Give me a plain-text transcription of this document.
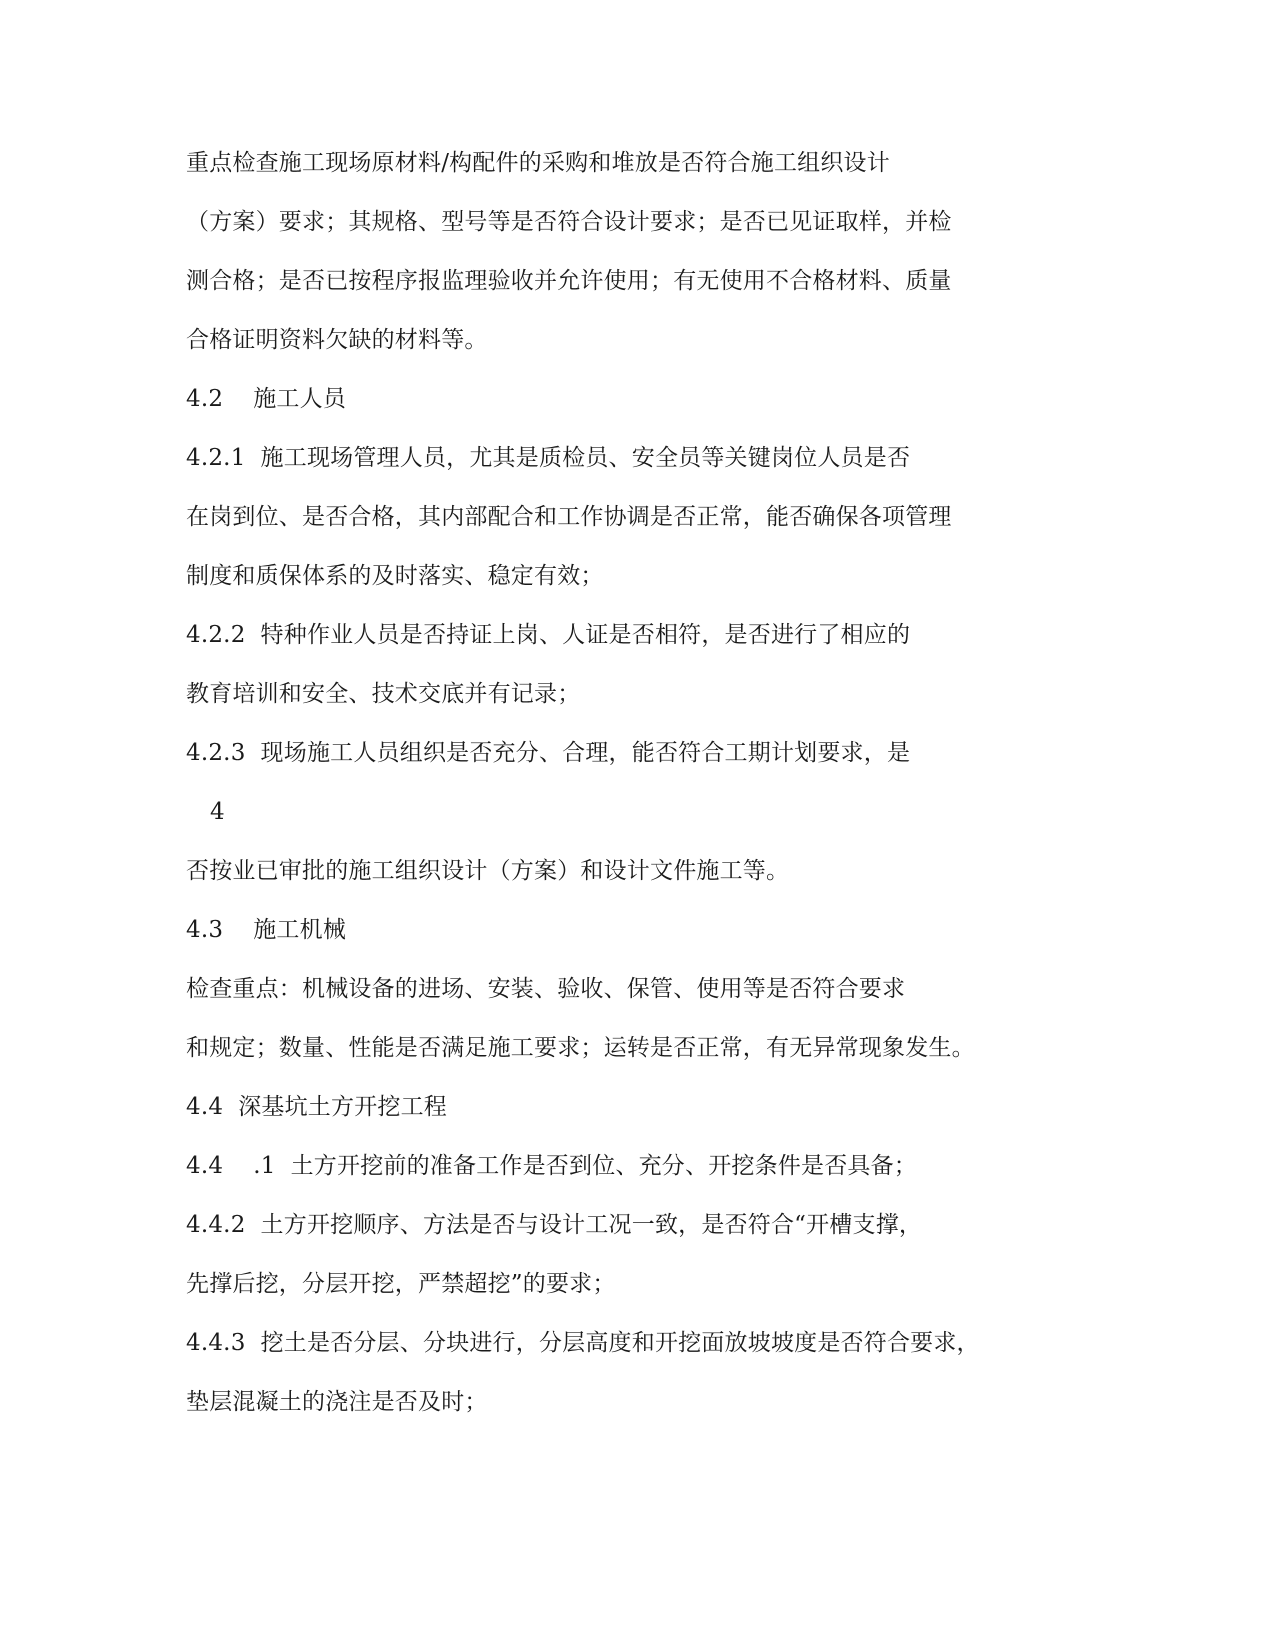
重点检查施工现场原材料/构配件的采购和堆放是否符合施工组织设计
（方案）要求；其规格、型号等是否符合设计要求；是否已见证取样，并检
测合格；是否已按程序报监理验收并允许使用；有无使用不合格材料、质量
合格证明资料欠缺的材料等。
4.2    施工人员
4.2.1  施工现场管理人员，尤其是质检员、安全员等关键岗位人员是否
在岗到位、是否合格，其内部配合和工作协调是否正常，能否确保各项管理
制度和质保体系的及时落实、稳定有效；
4.2.2  特种作业人员是否持证上岗、人证是否相符，是否进行了相应的
教育培训和安全、技术交底并有记录；
4.2.3  现场施工人员组织是否充分、合理，能否符合工期计划要求，是
4
否按业已审批的施工组织设计（方案）和设计文件施工等。
4.3    施工机械
检查重点：机械设备的进场、安装、验收、保管、使用等是否符合要求
和规定；数量、性能是否满足施工要求；运转是否正常，有无异常现象发生。
4.4  深基坑土方开挖工程
4.4    .1  土方开挖前的准备工作是否到位、充分、开挖条件是否具备；
4.4.2  土方开挖顺序、方法是否与设计工况一致，是否符合“开槽支撑，
先撑后挖，分层开挖，严禁超挖”的要求；
4.4.3  挖土是否分层、分块进行，分层高度和开挖面放坡坡度是否符合要求，
垫层混凝土的浇注是否及时；
